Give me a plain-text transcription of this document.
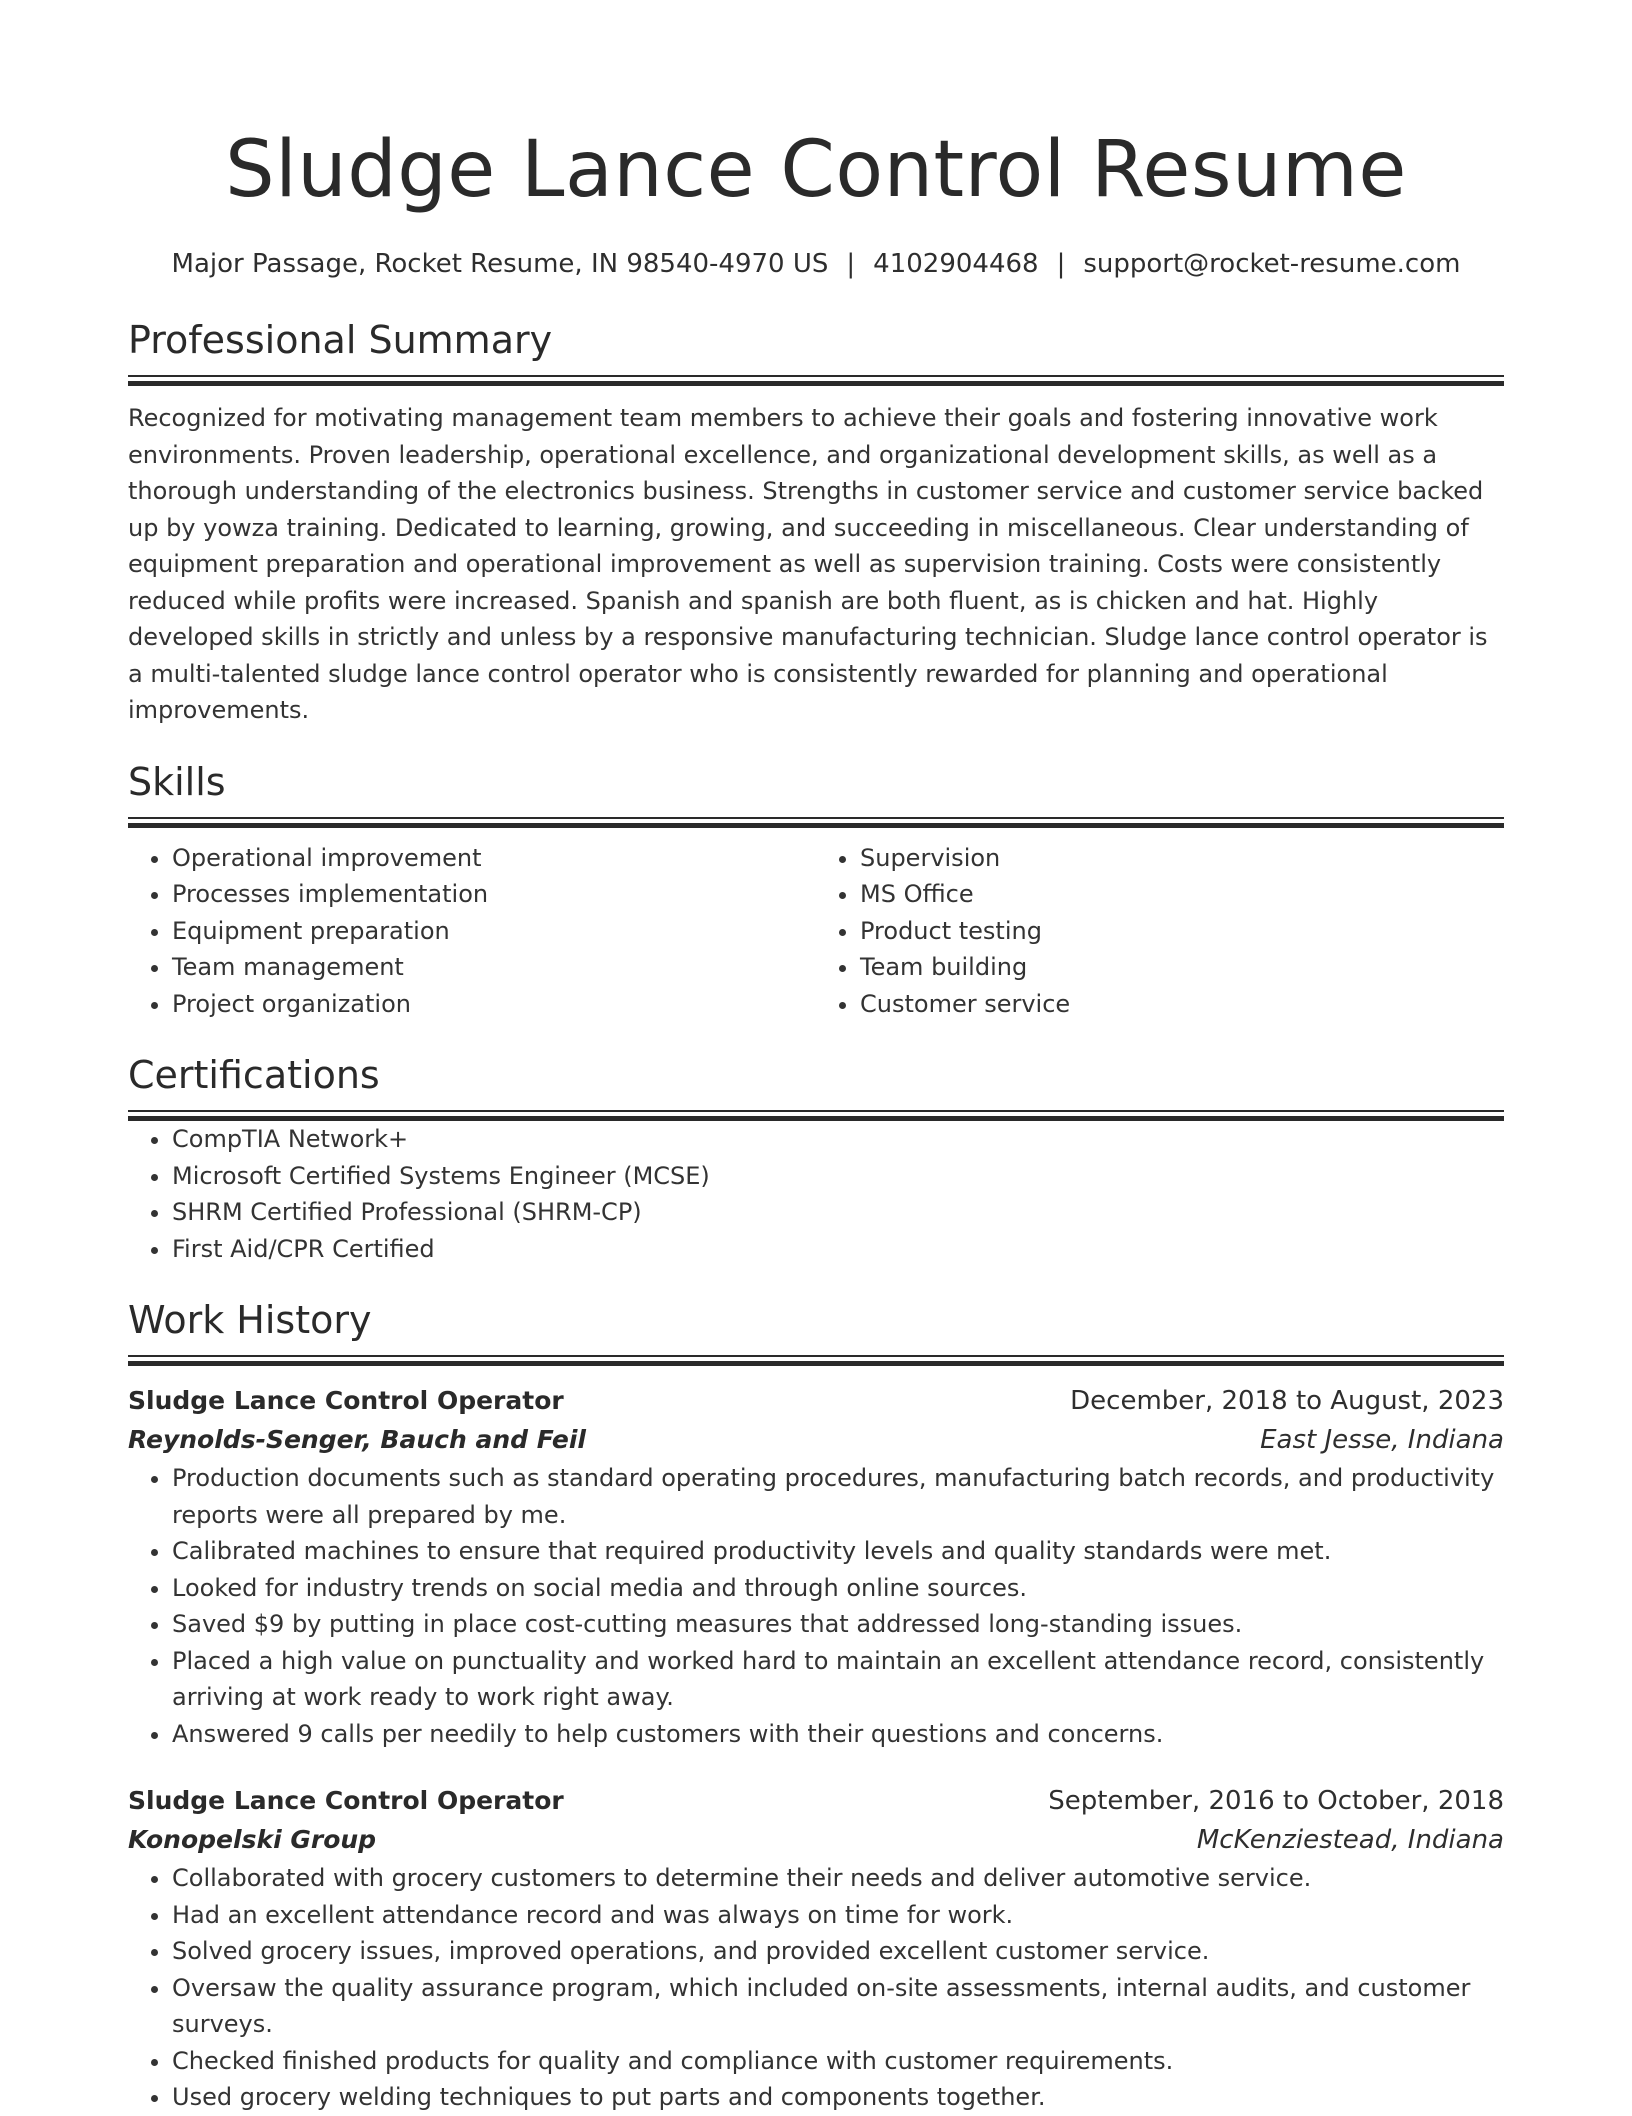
Sludge Lance Control Resume
Major Passage, Rocket Resume, IN 98540-4970 US | 4102904468 | support@rocket-resume.com
Professional Summary

Recognized for motivating management team members to achieve their goals and fostering innovative work environments. Proven leadership, operational excellence, and organizational development skills, as well as a thorough understanding of the electronics business. Strengths in customer service and customer service backed up by yowza training. Dedicated to learning, growing, and succeeding in miscellaneous. Clear understanding of equipment preparation and operational improvement as well as supervision training. Costs were consistently reduced while profits were increased. Spanish and spanish are both fluent, as is chicken and hat. Highly developed skills in strictly and unless by a responsive manufacturing technician. Sludge lance control operator is a multi-talented sludge lance control operator who is consistently rewarded for planning and operational improvements.

Skills
• Operational improvement
• Processes implementation
• Equipment preparation
• Team management
• Project organization
• Supervision
• MS Office
• Product testing
• Team building
• Customer service
Certifications
• CompTIA Network+
• Microsoft Certified Systems Engineer (MCSE)
• SHRM Certified Professional (SHRM-CP)
• First Aid/CPR Certified
Work History
Sludge Lance Control Operator	December, 2018 to August, 2023
Reynolds-Senger, Bauch and Feil	East Jesse, Indiana
• Production documents such as standard operating procedures, manufacturing batch records, and productivity reports were all prepared by me.
• Calibrated machines to ensure that required productivity levels and quality standards were met.
• Looked for industry trends on social media and through online sources.
• Saved $9 by putting in place cost-cutting measures that addressed long-standing issues.
• Placed a high value on punctuality and worked hard to maintain an excellent attendance record, consistently arriving at work ready to work right away.
• Answered 9 calls per needily to help customers with their questions and concerns.
Sludge Lance Control Operator	September, 2016 to October, 2018
Konopelski Group	McKenziestead, Indiana
• Collaborated with grocery customers to determine their needs and deliver automotive service.
• Had an excellent attendance record and was always on time for work.
• Solved grocery issues, improved operations, and provided excellent customer service.
• Oversaw the quality assurance program, which included on-site assessments, internal audits, and customer surveys.
• Checked finished products for quality and compliance with customer requirements.
• Used grocery welding techniques to put parts and components together.
